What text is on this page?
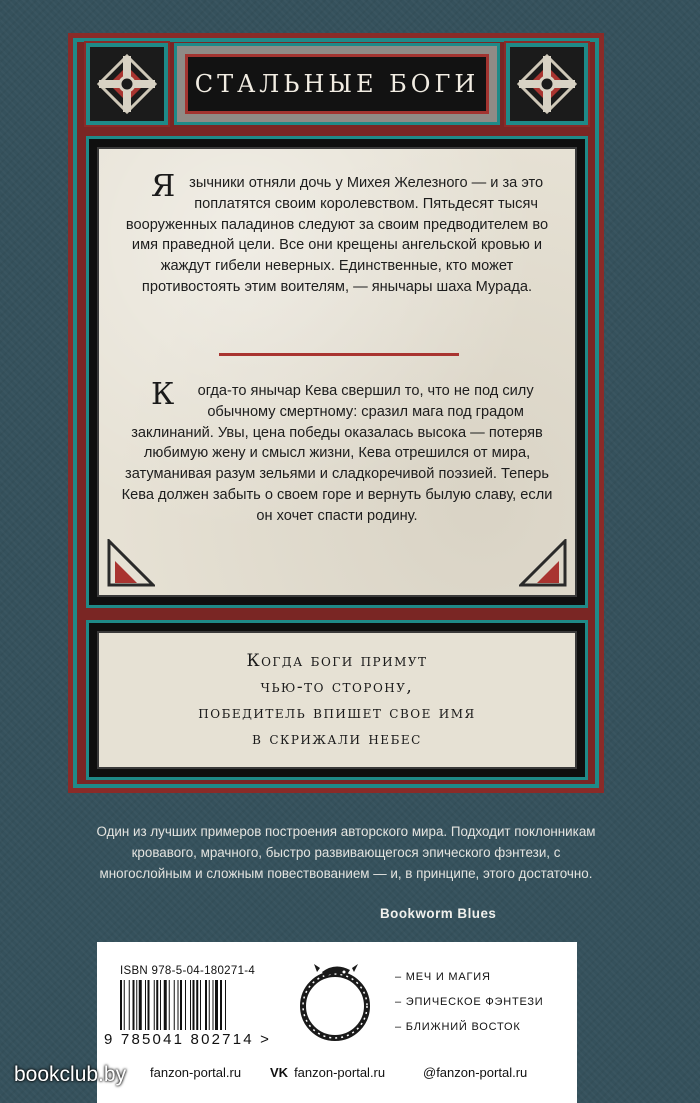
СТАЛЬНЫЕ БОГИ
Я зычники отняли дочь у Михея Железного — и за это поплатятся своим королевством. Пятьдесят тысяч вооруженных паладинов следуют за своим предводителем во имя праведной цели. Все они крещены ангельской кровью и жаждут гибели неверных. Единственные, кто может противостоять этим воителям, — янычары шаха Мурада.
К огда-то янычар Кева свершил то, что не под силу обычному смертному: сразил мага под градом заклинаний. Увы, цена победы оказалась высока — потеряв любимую жену и смысл жизни, Кева отрешился от мира, затуманивая разум зельями и сладкоречивой поэзией. Теперь Кева должен забыть о своем горе и вернуть былую славу, если он хочет спасти родину.
Когда боги примут
чью-то сторону,
победитель впишет свое имя
в скрижали небес
Один из лучших примеров построения авторского мира. Подходит поклонникам кровавого, мрачного, быстро развивающегося эпического фэнтези, с многослойным и сложным повествованием — и, в принципе, этого достаточно.
Bookworm Blues
ISBN 978-5-04-180271-4
9 785041 802714 >
– МЕЧ И МАГИЯ
– ЭПИЧЕСКОЕ ФЭНТЕЗИ
– БЛИЖНИЙ ВОСТОК
fanzon-portal.ru VK fanzon-portal.ru	@fanzon-portal.ru
bookclub.by
